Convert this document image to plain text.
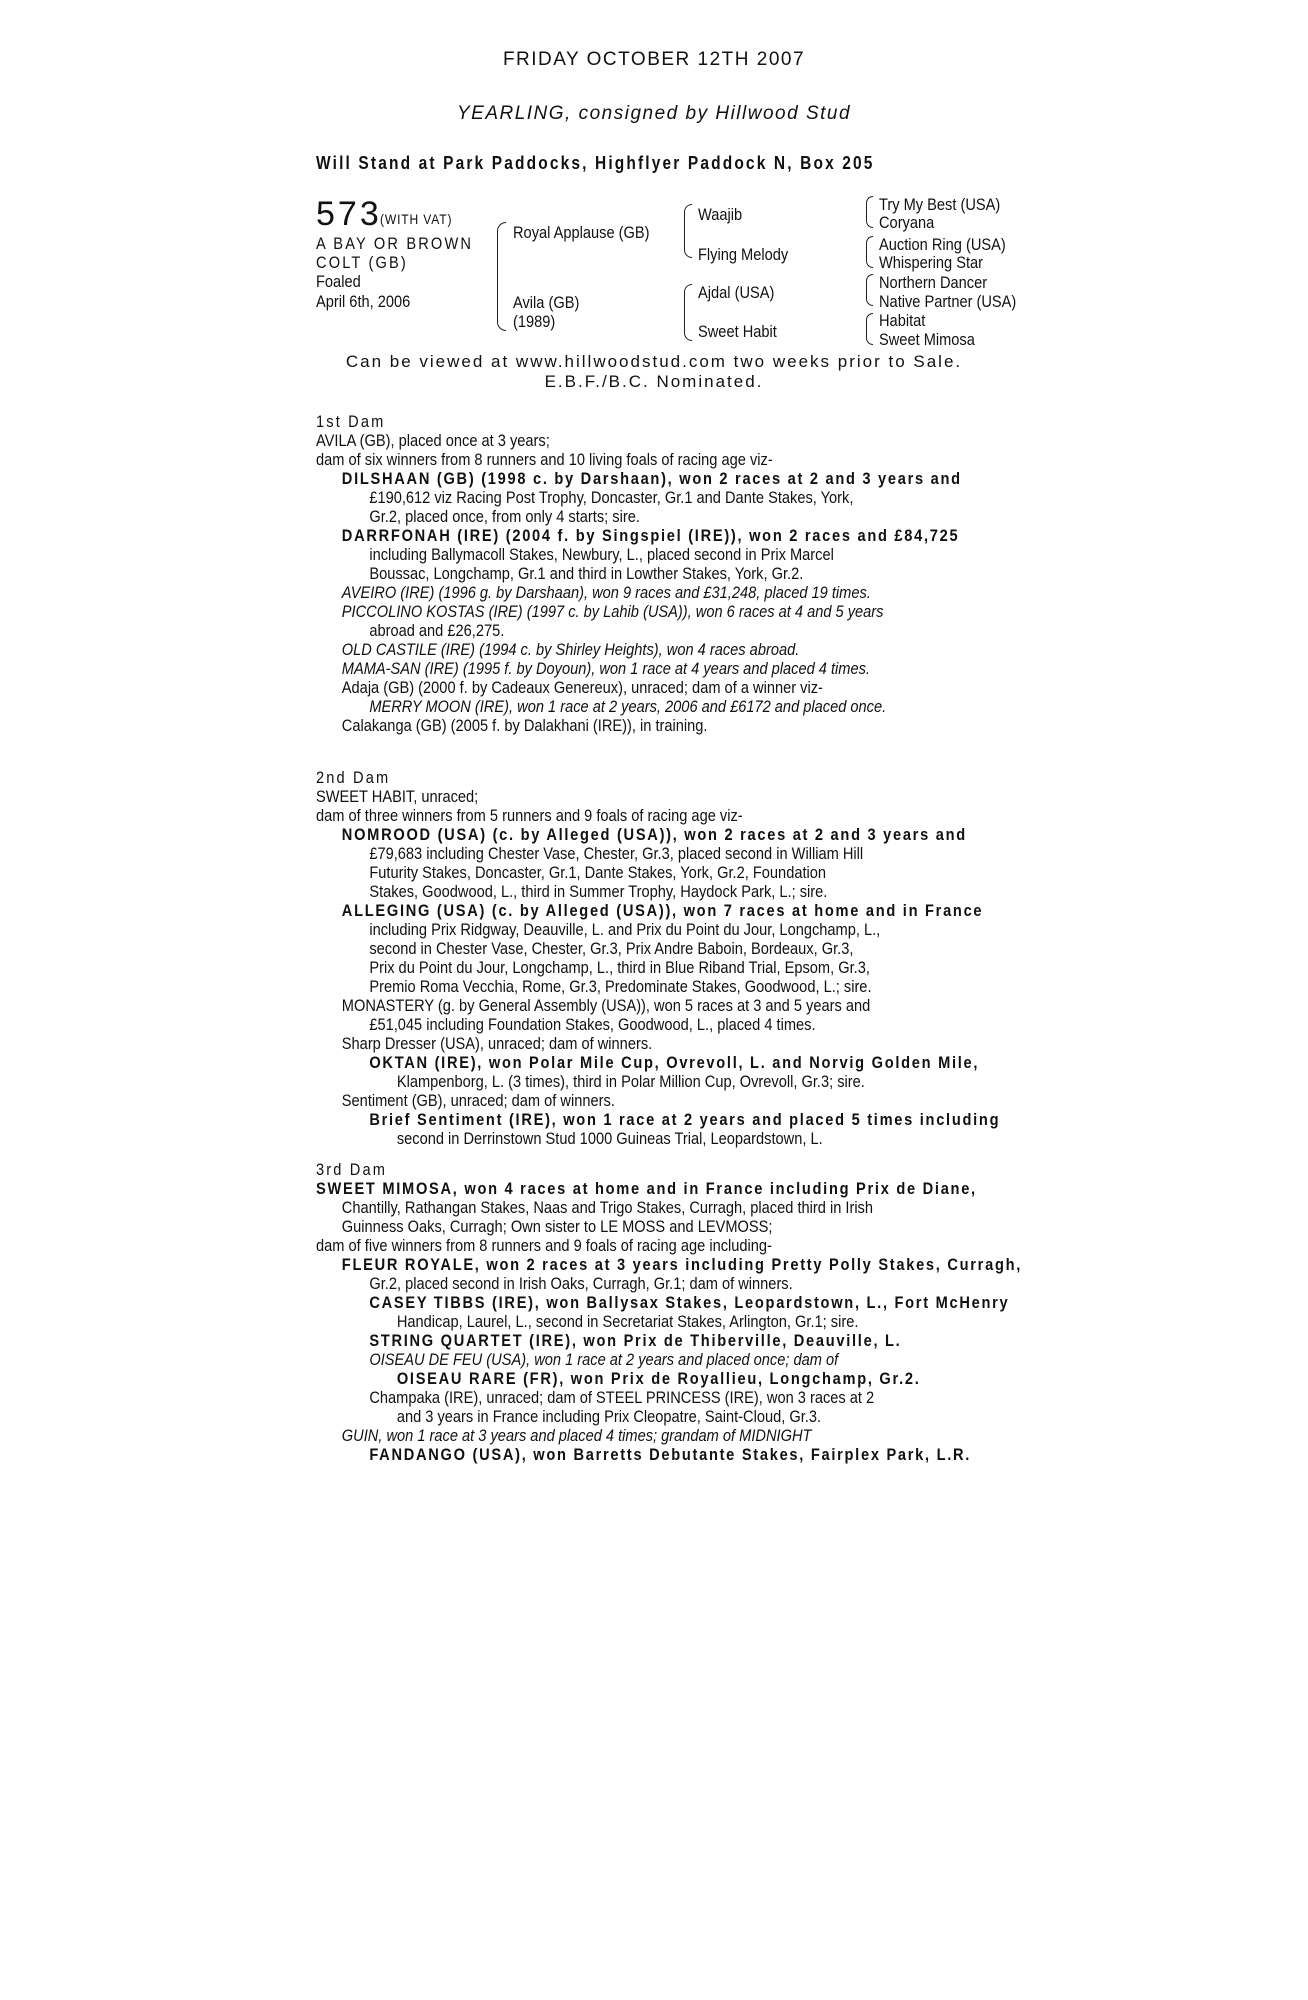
FRIDAY OCTOBER 12TH 2007
YEARLING, consigned by Hillwood Stud
Will Stand at Park Paddocks, Highflyer Paddock N, Box 205
573
(WITH VAT)
A BAY OR BROWN
COLT (GB)
Foaled
April 6th, 2006
Royal Applause (GB)
Avila (GB)
(1989)
Waajib
Flying Melody
Ajdal (USA)
Sweet Habit
Try My Best (USA)
Coryana
Auction Ring (USA)
Whispering Star
Northern Dancer
Native Partner (USA)
Habitat
Sweet Mimosa
Can be viewed at www.hillwoodstud.com two weeks prior to Sale.
E.B.F./B.C. Nominated.
1st Dam
AVILA (GB), placed once at 3 years;
dam of six winners from 8 runners and 10 living foals of racing age viz-
DILSHAAN (GB) (1998 c. by Darshaan), won 2 races at 2 and 3 years and
£190,612 viz Racing Post Trophy, Doncaster, Gr.1 and Dante Stakes, York,
Gr.2, placed once, from only 4 starts; sire.
DARRFONAH (IRE) (2004 f. by Singspiel (IRE)), won 2 races and £84,725
including Ballymacoll Stakes, Newbury, L., placed second in Prix Marcel
Boussac, Longchamp, Gr.1 and third in Lowther Stakes, York, Gr.2.
AVEIRO (IRE) (1996 g. by Darshaan), won 9 races and £31,248, placed 19 times.
PICCOLINO KOSTAS (IRE) (1997 c. by Lahib (USA)), won 6 races at 4 and 5 years
abroad and £26,275.
OLD CASTILE (IRE) (1994 c. by Shirley Heights), won 4 races abroad.
MAMA-SAN (IRE) (1995 f. by Doyoun), won 1 race at 4 years and placed 4 times.
Adaja (GB) (2000 f. by Cadeaux Genereux), unraced; dam of a winner viz-
MERRY MOON (IRE), won 1 race at 2 years, 2006 and £6172 and placed once.
Calakanga (GB) (2005 f. by Dalakhani (IRE)), in training.
2nd Dam
SWEET HABIT, unraced;
dam of three winners from 5 runners and 9 foals of racing age viz-
NOMROOD (USA) (c. by Alleged (USA)), won 2 races at 2 and 3 years and
£79,683 including Chester Vase, Chester, Gr.3, placed second in William Hill
Futurity Stakes, Doncaster, Gr.1, Dante Stakes, York, Gr.2, Foundation
Stakes, Goodwood, L., third in Summer Trophy, Haydock Park, L.; sire.
ALLEGING (USA) (c. by Alleged (USA)), won 7 races at home and in France
including Prix Ridgway, Deauville, L. and Prix du Point du Jour, Longchamp, L.,
second in Chester Vase, Chester, Gr.3, Prix Andre Baboin, Bordeaux, Gr.3,
Prix du Point du Jour, Longchamp, L., third in Blue Riband Trial, Epsom, Gr.3,
Premio Roma Vecchia, Rome, Gr.3, Predominate Stakes, Goodwood, L.; sire.
MONASTERY (g. by General Assembly (USA)), won 5 races at 3 and 5 years and
£51,045 including Foundation Stakes, Goodwood, L., placed 4 times.
Sharp Dresser (USA), unraced; dam of winners.
OKTAN (IRE), won Polar Mile Cup, Ovrevoll, L. and Norvig Golden Mile,
Klampenborg, L. (3 times), third in Polar Million Cup, Ovrevoll, Gr.3; sire.
Sentiment (GB), unraced; dam of winners.
Brief Sentiment (IRE), won 1 race at 2 years and placed 5 times including
second in Derrinstown Stud 1000 Guineas Trial, Leopardstown, L.
3rd Dam
SWEET MIMOSA, won 4 races at home and in France including Prix de Diane,
Chantilly, Rathangan Stakes, Naas and Trigo Stakes, Curragh, placed third in Irish
Guinness Oaks, Curragh; Own sister to LE MOSS and LEVMOSS;
dam of five winners from 8 runners and 9 foals of racing age including-
FLEUR ROYALE, won 2 races at 3 years including Pretty Polly Stakes, Curragh,
Gr.2, placed second in Irish Oaks, Curragh, Gr.1; dam of winners.
CASEY TIBBS (IRE), won Ballysax Stakes, Leopardstown, L., Fort McHenry
Handicap, Laurel, L., second in Secretariat Stakes, Arlington, Gr.1; sire.
STRING QUARTET (IRE), won Prix de Thiberville, Deauville, L.
OISEAU DE FEU (USA), won 1 race at 2 years and placed once; dam of
OISEAU RARE (FR), won Prix de Royallieu, Longchamp, Gr.2.
Champaka (IRE), unraced; dam of STEEL PRINCESS (IRE), won 3 races at 2
and 3 years in France including Prix Cleopatre, Saint-Cloud, Gr.3.
GUIN, won 1 race at 3 years and placed 4 times; grandam of MIDNIGHT
FANDANGO (USA), won Barretts Debutante Stakes, Fairplex Park, L.R.
